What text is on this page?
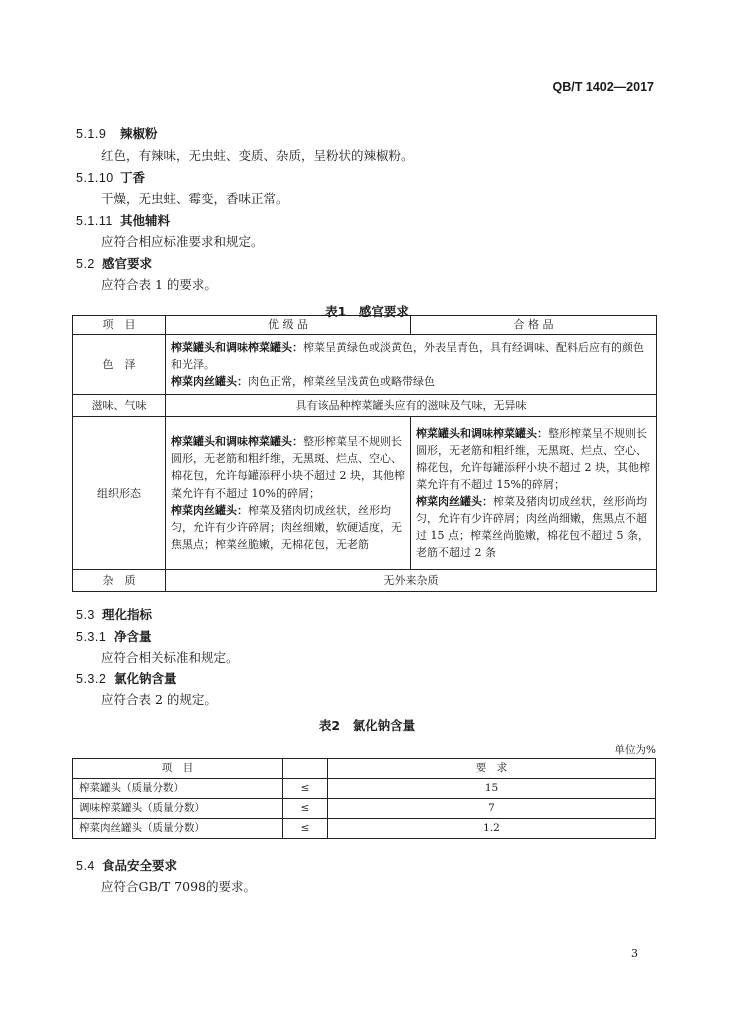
QB/T 1402—2017
5.1.9 辣椒粉
红色，有辣味，无虫蛀、变质、杂质，呈粉状的辣椒粉。
5.1.10 丁香
干燥，无虫蛀、霉变，香味正常。
5.1.11 其他辅料
应符合相应标准要求和规定。
5.2 感官要求
应符合表 1 的要求。
表1　感官要求
项　目	优 级 品	合 格 品
色　泽	榨菜罐头和调味榨菜罐头：榨菜呈黄绿色或淡黄色，外表呈青色，具有经调味、配料后应有的颜色和光泽。
榨菜肉丝罐头：肉色正常，榨菜丝呈浅黄色或略带绿色	
滋味、气味	具有该品种榨菜罐头应有的滋味及气味，无异味	
组织形态	榨菜罐头和调味榨菜罐头：整形榨菜呈不规则长圆形，无老筋和粗纤维，无黑斑、烂点、空心、棉花包，允许每罐添秤小块不超过 2 块，其他榨菜允许有不超过 10%的碎屑；
榨菜肉丝罐头：榨菜及猪肉切成丝状，丝形均匀，允许有少许碎屑；肉丝细嫩，软硬适度，无焦黑点；榨菜丝脆嫩，无棉花包，无老筋	榨菜罐头和调味榨菜罐头：整形榨菜呈不规则长圆形，无老筋和粗纤维，无黑斑、烂点、空心、棉花包，允许每罐添秤小块不超过 2 块，其他榨菜允许有不超过 15%的碎屑；
榨菜肉丝罐头：榨菜及猪肉切成丝状，丝形尚均匀，允许有少许碎屑；肉丝尚细嫩，焦黑点不超过 15 点；榨菜丝尚脆嫩，棉花包不超过 5 条，老筋不超过 2 条
杂　质	无外来杂质	
5.3 理化指标
5.3.1 净含量
应符合相关标准和规定。
5.3.2 氯化钠含量
应符合表 2 的规定。
表2　氯化钠含量
单位为%
项　目		要　求
榨菜罐头（质量分数）	≤	15
调味榨菜罐头（质量分数）	≤	7
榨菜肉丝罐头（质量分数）	≤	1.2
5.4 食品安全要求
应符合GB/T 7098的要求。
3
